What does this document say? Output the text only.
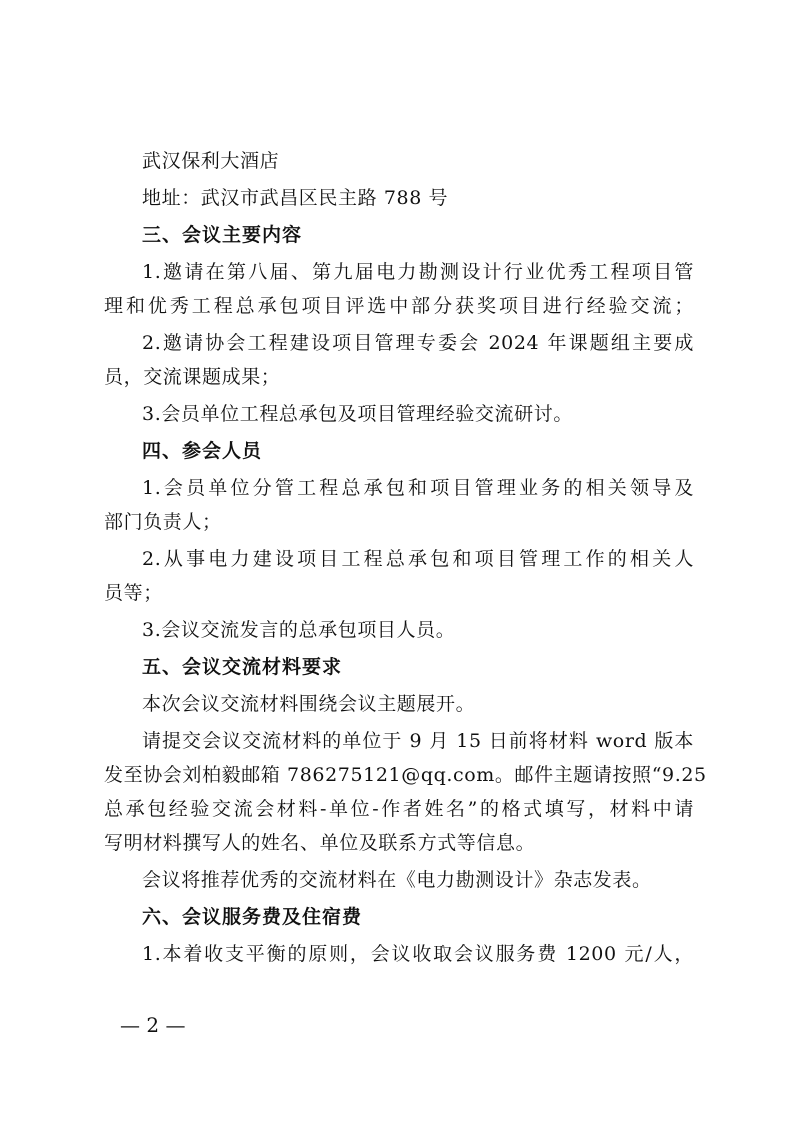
武汉保利大酒店
地址：武汉市武昌区民主路 788 号
三、会议主要内容
1.邀请在第八届、第九届电力勘测设计行业优秀工程项目管
理和优秀工程总承包项目评选中部分获奖项目进行经验交流；
2.邀请协会工程建设项目管理专委会 2024 年课题组主要成
员，交流课题成果；
3.会员单位工程总承包及项目管理经验交流研讨。
四、参会人员
1.会员单位分管工程总承包和项目管理业务的相关领导及
部门负责人；
2.从事电力建设项目工程总承包和项目管理工作的相关人
员等；
3.会议交流发言的总承包项目人员。
五、会议交流材料要求
本次会议交流材料围绕会议主题展开。
请提交会议交流材料的单位于 9 月 15 日前将材料 word 版本
发至协会刘柏毅邮箱 786275121@qq.com。邮件主题请按照“9.25
总承包经验交流会材料-单位-作者姓名”的格式填写，材料中请
写明材料撰写人的姓名、单位及联系方式等信息。
会议将推荐优秀的交流材料在《电力勘测设计》杂志发表。
六、会议服务费及住宿费
1.本着收支平衡的原则，会议收取会议服务费 1200 元/人，
— 2 —
